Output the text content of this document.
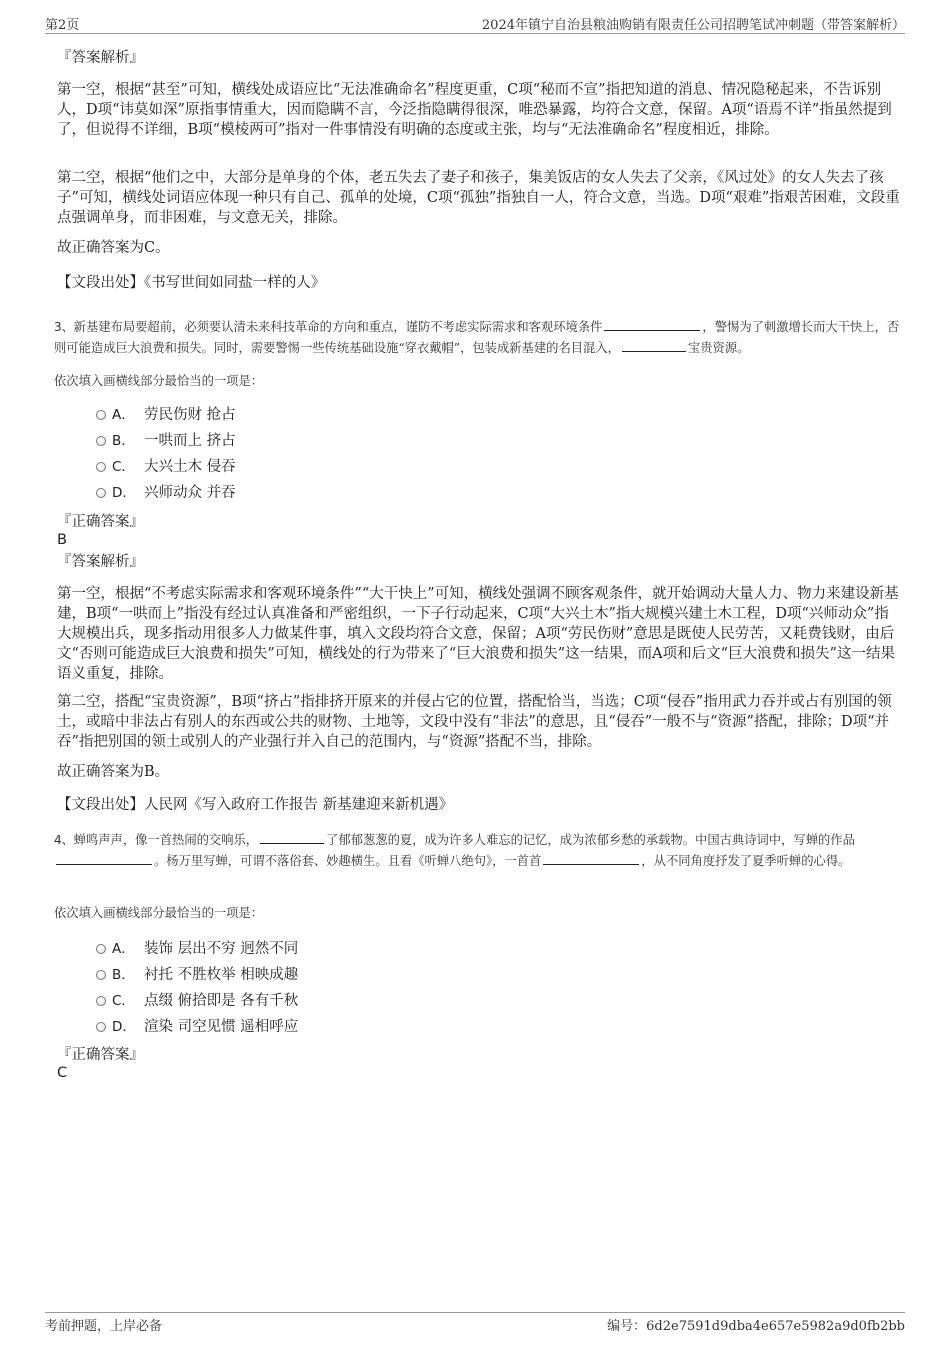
第2页	2024年镇宁自治县粮油购销有限责任公司招聘笔试冲刺题（带答案解析）
『答案解析』
第一空，根据“甚至”可知，横线处成语应比“无法准确命名”程度更重，C项“秘而不宣”指把知道的消息、情况隐秘起来，不告诉别人，D项“讳莫如深”原指事情重大，因而隐瞒不言，今泛指隐瞒得很深，唯恐暴露，均符合文意，保留。A项“语焉不详”指虽然提到了，但说得不详细，B项“模棱两可”指对一件事情没有明确的态度或主张，均与“无法准确命名”程度相近，排除。
第二空，根据“他们之中，大部分是单身的个体，老五失去了妻子和孩子，集美饭店的女人失去了父亲，《风过处》的女人失去了孩子”可知，横线处词语应体现一种只有自己、孤单的处境，C项“孤独”指独自一人，符合文意，当选。D项“艰难”指艰苦困难，文段重点强调单身，而非困难，与文意无关，排除。
故正确答案为C。
【文段出处】《书写世间如同盐一样的人》
3、新基建布局要超前，必须要认清未来科技革命的方向和重点，谨防不考虑实际需求和客观环境条件	，警惕为了刺激增长而大干快上，否则可能造成巨大浪费和损失。同时，需要警惕一些传统基础设施“穿衣戴帽”，包装成新基建的名目混入，	宝贵资源。
依次填入画横线部分最恰当的一项是：
A． 劳民伤财 抢占
B． 一哄而上 挤占
C． 大兴土木 侵吞
D． 兴师动众 并吞
『正确答案』
B
『答案解析』
第一空，根据“不考虑实际需求和客观环境条件”“大干快上”可知，横线处强调不顾客观条件，就开始调动大量人力、物力来建设新基建，B项“一哄而上”指没有经过认真准备和严密组织，一下子行动起来，C项“大兴土木”指大规模兴建土木工程，D项“兴师动众”指大规模出兵，现多指动用很多人力做某件事，填入文段均符合文意，保留；A项“劳民伤财”意思是既使人民劳苦，又耗费钱财，由后文“否则可能造成巨大浪费和损失”可知，横线处的行为带来了“巨大浪费和损失”这一结果，而A项和后文“巨大浪费和损失”这一结果语义重复，排除。
第二空，搭配“宝贵资源”，B项“挤占”指排挤开原来的并侵占它的位置，搭配恰当，当选；C项“侵吞”指用武力吞并或占有别国的领土，或暗中非法占有别人的东西或公共的财物、土地等，文段中没有“非法”的意思，且“侵吞”一般不与“资源”搭配，排除；D项“并吞”指把别国的领土或别人的产业强行并入自己的范围内，与“资源”搭配不当，排除。
故正确答案为B。
【文段出处】人民网《写入政府工作报告 新基建迎来新机遇》
4、蝉鸣声声，像一首热闹的交响乐，	了郁郁葱葱的夏，成为许多人难忘的记忆，成为浓郁乡愁的承载物。中国古典诗词中，写蝉的作品。杨万里写蝉，可谓不落俗套、妙趣横生。且看《听蝉八绝句》，一首首	，从不同角度抒发了夏季听蝉的心得。
依次填入画横线部分最恰当的一项是：
A． 装饰 层出不穷 迥然不同
B． 衬托 不胜枚举 相映成趣
C． 点缀 俯拾即是 各有千秋
D． 渲染 司空见惯 遥相呼应
『正确答案』
C
考前押题，上岸必备	编号：6d2e7591d9dba4e657e5982a9d0fb2bb
